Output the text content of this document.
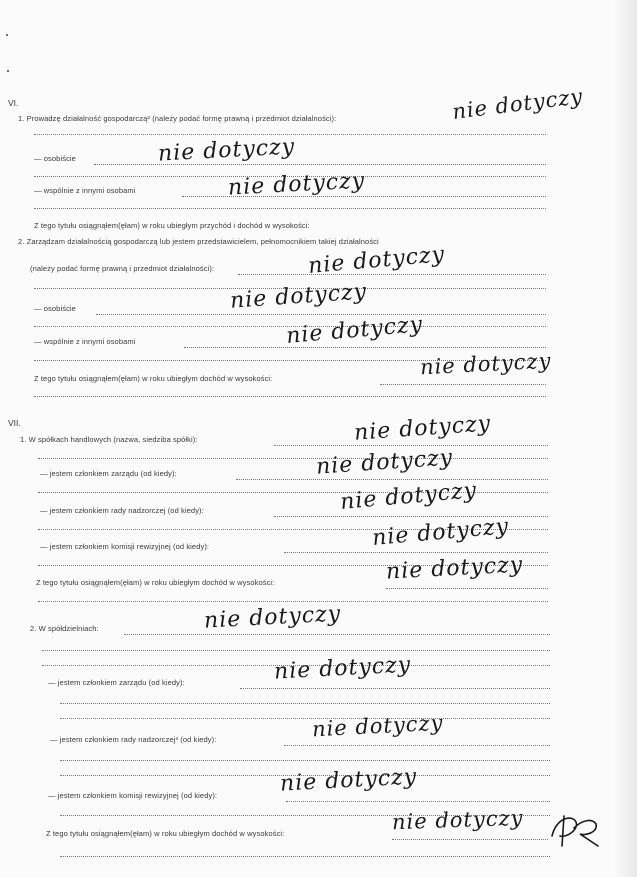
VI.
1. Prowadzę działalność gospodarczą² (należy podać formę prawną i przedmiot działalności):	nie dotyczy
— osobiście	nie dotyczy
— wspólnie z innymi osobami	nie dotyczy
Z tego tytułu osiągnąłem(ęłam) w roku ubiegłym przychód i dochód w wysokości:
2. Zarządzam działalnością gospodarczą lub jestem przedstawicielem, pełnomocnikiem takiej działalności
(należy podać formę prawną i przedmiot działalności):	nie dotyczy
— osobiście	nie dotyczy
— wspólnie z innymi osobami	nie dotyczy
Z tego tytułu osiągnąłem(ęłam) w roku ubiegłym dochód w wysokości:	nie dotyczy
VII.
1. W spółkach handlowych (nazwa, siedziba spółki):	nie dotyczy
— jestem członkiem zarządu (od kiedy):	nie dotyczy
— jestem członkiem rady nadzorczej (od kiedy):	nie dotyczy
— jestem członkiem komisji rewizyjnej (od kiedy):	nie dotyczy
Z tego tytułu osiągnąłem(ęłam) w roku ubiegłym dochód w wysokości:	nie dotyczy
2. W spółdzielniach:	nie dotyczy
— jestem członkiem zarządu (od kiedy):	nie dotyczy
— jestem członkiem rady nadzorczej³ (od kiedy):	nie dotyczy
— jestem członkiem komisji rewizyjnej (od kiedy):	nie dotyczy
Z tego tytułu osiągnąłem(ęłam) w roku ubiegłym dochód w wysokości:	nie dotyczy
